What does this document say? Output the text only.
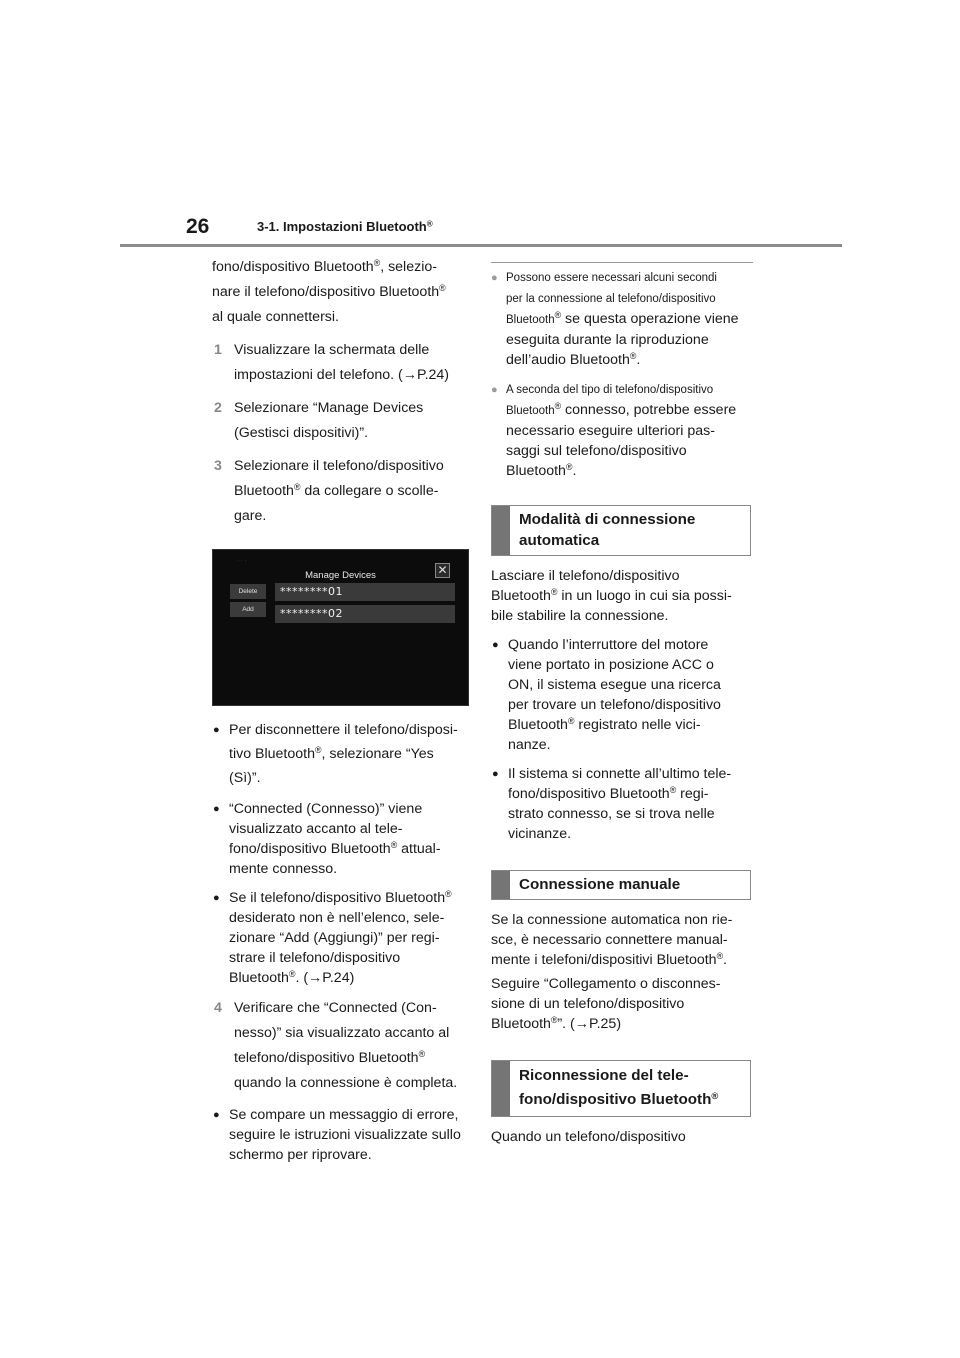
26	3-1. Impostazioni Bluetooth®
fono/dispositivo Bluetooth®, selezio-
nare il telefono/dispositivo Bluetooth®
al quale connettersi.
1 Visualizzare la schermata delle
impostazioni del telefono. (→P.24)
2 Selezionare “Manage Devices
(Gestisci dispositivi)”.
3 Selezionare il telefono/dispositivo
Bluetooth® da collegare o scolle-
gare.
· · ·
Manage Devices	✕
Delete
Add
********01
********02
● Per disconnettere il telefono/disposi-
tivo Bluetooth®, selezionare “Yes
(Sì)”.
● “Connected (Connesso)” viene
visualizzato accanto al tele-
fono/dispositivo Bluetooth® attual-
mente connesso.
● Se il telefono/dispositivo Bluetooth®
desiderato non è nell’elenco, sele-
zionare “Add (Aggiungi)” per regi-
strare il telefono/dispositivo
Bluetooth®. (→P.24)
4 Verificare che “Connected (Con-
nesso)” sia visualizzato accanto al
telefono/dispositivo Bluetooth®
quando la connessione è completa.
● Se compare un messaggio di errore,
seguire le istruzioni visualizzate sullo
schermo per riprovare.
● Possono essere necessari alcuni secondi
per la connessione al telefono/dispositivo
Bluetooth® se questa operazione viene
eseguita durante la riproduzione
dell’audio Bluetooth®.
● A seconda del tipo di telefono/dispositivo
Bluetooth® connesso, potrebbe essere
necessario eseguire ulteriori pas-
saggi sul telefono/dispositivo
Bluetooth®.
Modalità di connessione
automatica
Lasciare il telefono/dispositivo
Bluetooth® in un luogo in cui sia possi-
bile stabilire la connessione.
● Quando l’interruttore del motore
viene portato in posizione ACC o
ON, il sistema esegue una ricerca
per trovare un telefono/dispositivo
Bluetooth® registrato nelle vici-
nanze.
● Il sistema si connette all’ultimo tele-
fono/dispositivo Bluetooth® regi-
strato connesso, se si trova nelle
vicinanze.
Connessione manuale
Se la connessione automatica non rie-
sce, è necessario connettere manual-
mente i telefoni/dispositivi Bluetooth®.
Seguire “Collegamento o disconnes-
sione di un telefono/dispositivo
Bluetooth®”. (→P.25)
Riconnessione del tele-
fono/dispositivo Bluetooth®
Quando un telefono/dispositivo
